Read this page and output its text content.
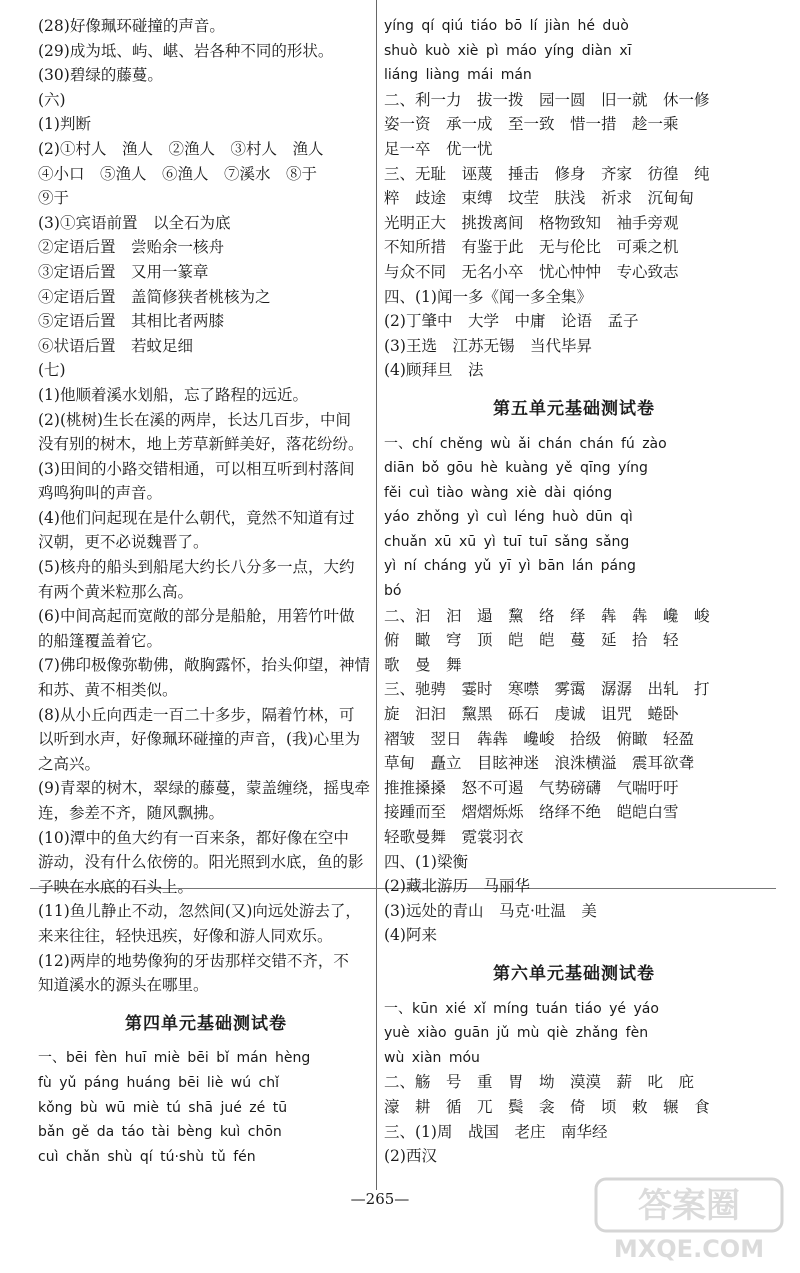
(28)好像珮环碰撞的声音。
(29)成为坻、屿、嵁、岩各种不同的形状。
(30)碧绿的藤蔓。
(六)
(1)判断
(2)①村人　渔人　②渔人　③村人　渔人
④小口　⑤渔人　⑥渔人　⑦溪水　⑧于
⑨于
(3)①宾语前置　以全石为底
②定语后置　尝贻余一核舟
③定语后置　又用一篆章
④定语后置　盖简修狭者桃核为之
⑤定语后置　其相比者两膝
⑥状语后置　若蚊足细
(七)
(1)他顺着溪水划船，忘了路程的远近。
(2)(桃树)生长在溪的两岸，长达几百步，中间
没有别的树木，地上芳草新鲜美好，落花纷纷。
(3)田间的小路交错相通，可以相互听到村落间
鸡鸣狗叫的声音。
(4)他们问起现在是什么朝代，竟然不知道有过
汉朝，更不必说魏晋了。
(5)核舟的船头到船尾大约长八分多一点，大约
有两个黄米粒那么高。
(6)中间高起而宽敞的部分是船舱，用箬竹叶做
的船篷覆盖着它。
(7)佛印极像弥勒佛，敞胸露怀，抬头仰望，神情
和苏、黄不相类似。
(8)从小丘向西走一百二十多步，隔着竹林，可
以听到水声，好像珮环碰撞的声音，(我)心里为
之高兴。
(9)青翠的树木，翠绿的藤蔓，蒙盖缠绕，摇曳牵
连，参差不齐，随风飘拂。
(10)潭中的鱼大约有一百来条，都好像在空中
游动，没有什么依傍的。阳光照到水底，鱼的影
子映在水底的石头上。
(11)鱼儿静止不动，忽然间(又)向远处游去了，
来来往往，轻快迅疾，好像和游人同欢乐。
(12)两岸的地势像狗的牙齿那样交错不齐，不
知道溪水的源头在哪里。
第四单元基础测试卷
一、bēi fèn huī miè bēi bǐ mán hèng
fù yǔ páng huáng bēi liè wú chǐ
kǒng bù wū miè tú shā jué zé tū
bǎn gě da táo tài bèng kuì chōn
cuì chǎn shù qí tú·shù tǔ fén
yíng qí qiú tiáo bō lí jiàn hé duò
shuò kuò xiè pì máo yíng diàn xī
liáng liàng mái mán
二、利一力　拔一拨　园一圆　旧一就　休一修
姿一资　承一成　至一致　惜一措　趁一乘
足一卒　优一忧
三、无耻　诬蔑　捶击　修身　齐家　彷徨　纯
粹　歧途　束缚　坟茔　肤浅　祈求　沉甸甸
光明正大　挑拨离间　格物致知　袖手旁观
不知所措　有鉴于此　无与伦比　可乘之机
与众不同　无名小卒　忧心忡忡　专心致志
四、(1)闻一多《闻一多全集》
(2)丁肇中　大学　中庸　论语　孟子
(3)王选　江苏无锡　当代毕昇
(4)顾拜旦　法
第五单元基础测试卷
一、chí chěng wù ǎi chán chán fú zào
diān bǒ gōu hè kuàng yě qīng yíng
fěi cuì tiào wàng xiè dài qióng
yáo zhǒng yì cuì léng huò dūn qì
chuǎn xū xū yì tuī tuī sǎng sǎng
yì ní cháng yǔ yī yì bān lán páng
bó
二、汩　汩　遢　黧　络　绎　犇　犇　巉　峻
俯　瞰　穹　顶　皑　皑　蔓　延　拾　轻
歌　曼　舞
三、驰骋　霎时　寒噤　雾霭　潺潺　出轧　打
旋　汩汩　黧黑　砾石　虔诚　诅咒　蜷卧
褶皱　翌日　犇犇　巉峻　拾级　俯瞰　轻盈
草甸　矗立　目眩神迷　浪洙横溢　震耳欲聋
推推搡搡　怒不可遏　气势磅礴　气喘吁吁
接踵而至　熠熠烁烁　络绎不绝　皑皑白雪
轻歌曼舞　霓裳羽衣
四、(1)梁衡
(2)藏北游历　马丽华
(3)远处的青山　马克·吐温　美
(4)阿来
第六单元基础测试卷
一、kūn xié xǐ míng tuán tiáo yé yáo
yuè xiào guān jǔ mù qiè zhǎng fèn
wù xiàn móu
二、觞　号　重　胃　坳　漠漠　薪　叱　庇
濠　耕　循　兀　鬓　衾　倚　顷　敕　辗　食
三、(1)周　战国　老庄　南华经
(2)西汉
—265—	答案圈
MXQE.COM
